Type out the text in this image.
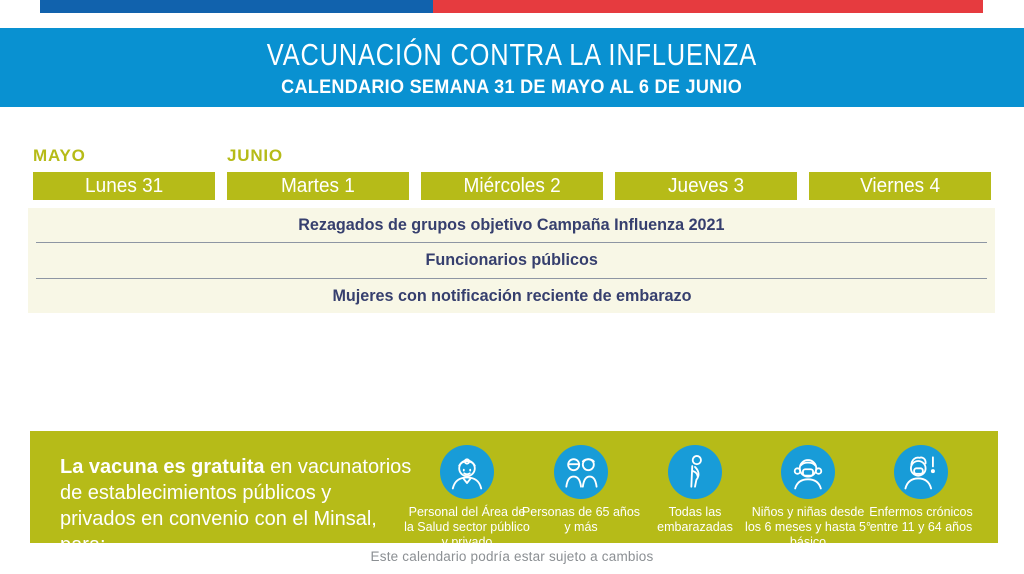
VACUNACIÓN CONTRA LA INFLUENZA
CALENDARIO SEMANA 31 DE MAYO AL 6 DE JUNIO
MAYO	JUNIO
Lunes 31	Martes 1	Miércoles 2	Jueves 3	Viernes 4
Rezagados de grupos objetivo Campaña Influenza 2021
Funcionarios públicos
Mujeres con notificación reciente de embarazo
La vacuna es gratuita en vacunatorios de establecimientos públicos y privados en convenio con el Minsal, para:
Personal del Área de la Salud sector público y privado
Personas de 65 años y más
Todas las embarazadas
Niños y niñas desde los 6 meses y hasta 5° básico
Enfermos crónicos entre 11 y 64 años
Este calendario podría estar sujeto a cambios
